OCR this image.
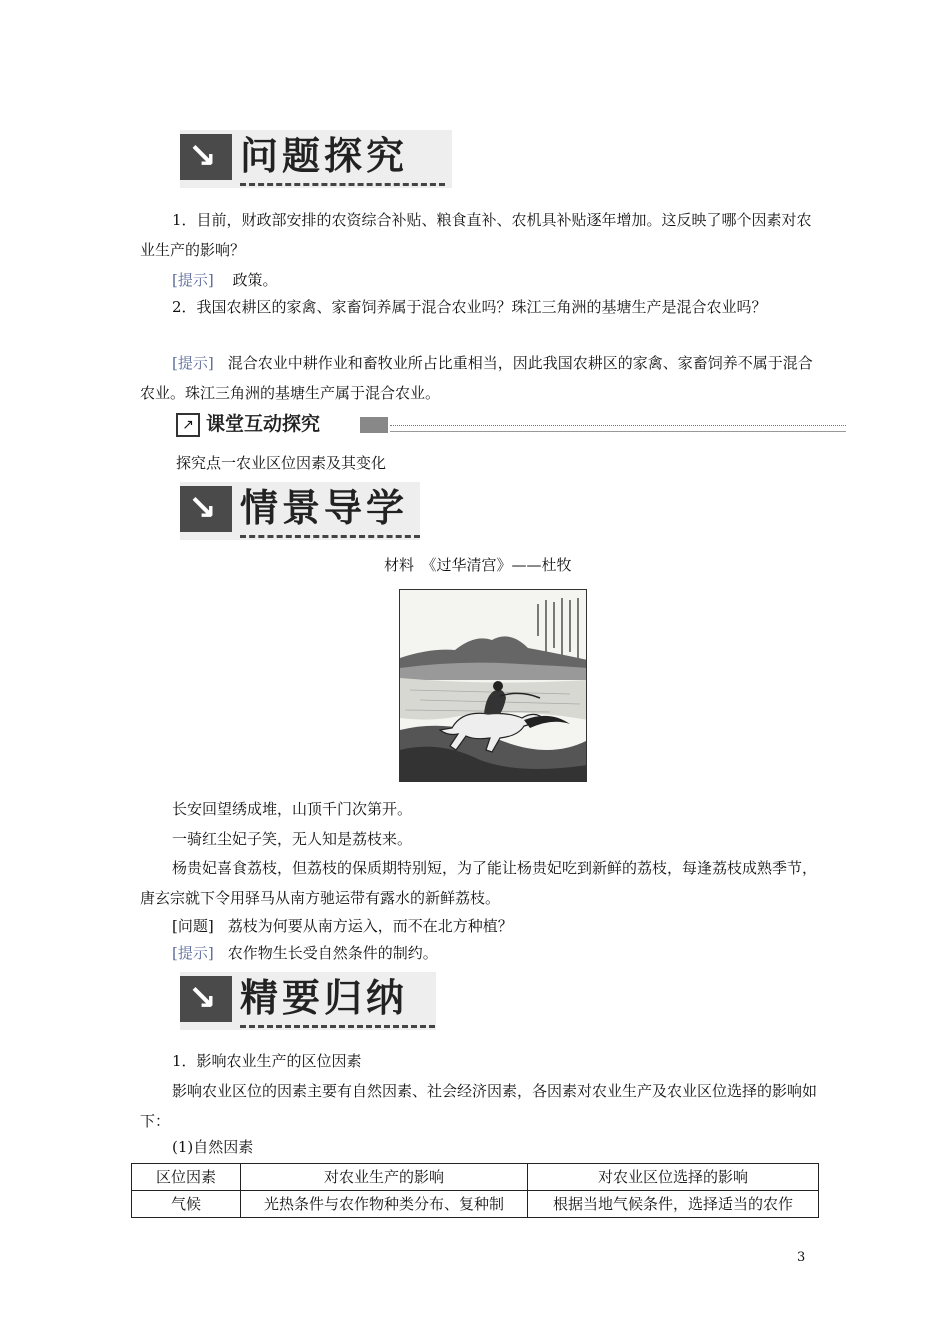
↘ 问题探究
1．目前，财政部安排的农资综合补贴、粮食直补、农机具补贴逐年增加。这反映了哪个因素对农业生产的影响？
[提示] 政策。
2．我国农耕区的家禽、家畜饲养属于混合农业吗？珠江三角洲的基塘生产是混合农业吗？
[提示] 混合农业中耕作业和畜牧业所占比重相当，因此我国农耕区的家禽、家畜饲养不属于混合农业。珠江三角洲的基塘生产属于混合农业。
↗ 课堂互动探究
探究点一农业区位因素及其变化
↘ 情景导学
材料　《过华清宫》——杜牧
长安回望绣成堆，山顶千门次第开。
一骑红尘妃子笑，无人知是荔枝来。
杨贵妃喜食荔枝，但荔枝的保质期特别短，为了能让杨贵妃吃到新鲜的荔枝，每逢荔枝成熟季节，唐玄宗就下令用驿马从南方驰运带有露水的新鲜荔枝。
[问题] 荔枝为何要从南方运入，而不在北方种植？
[提示] 农作物生长受自然条件的制约。
↘ 精要归纳
1．影响农业生产的区位因素
影响农业区位的因素主要有自然因素、社会经济因素，各因素对农业生产及农业区位选择的影响如下：
(1)自然因素
区位因素	对农业生产的影响	对农业区位选择的影响
气候	光热条件与农作物种类分布、复种制	根据当地气候条件，选择适当的农作
3
